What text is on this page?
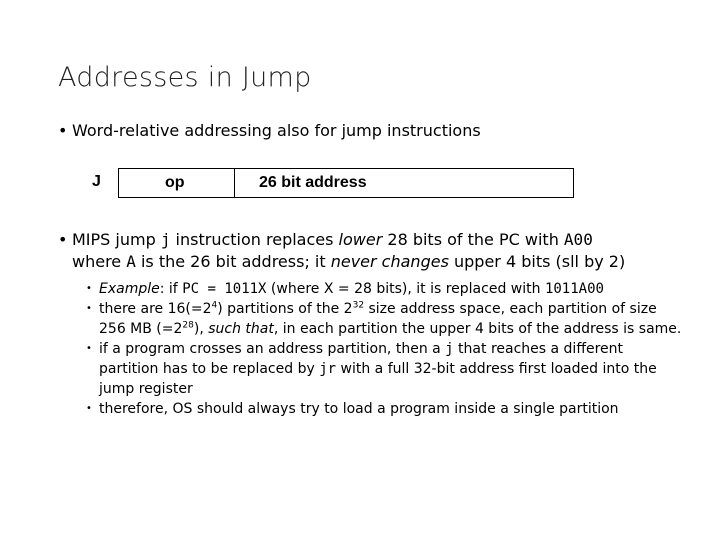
Addresses in Jump
• Word-relative addressing also for jump instructions
J	op	26 bit address
• MIPS jump j instruction replaces lower 28 bits of the PC with A00
where A is the 26 bit address; it never changes upper 4 bits (sll by 2)
• Example: if PC = 1011X (where X = 28 bits), it is replaced with 1011A00
• there are $16(=2^4)$ partitions of the $2^{32}$ size address space, each partition of size 256 MB $(=2^{28})$, such that, in each partition the upper 4 bits of the address is same.
• if a program crosses an address partition, then a j that reaches a different partition has to be replaced by jr with a full 32-bit address first loaded into the jump register
• therefore, OS should always try to load a program inside a single partition
